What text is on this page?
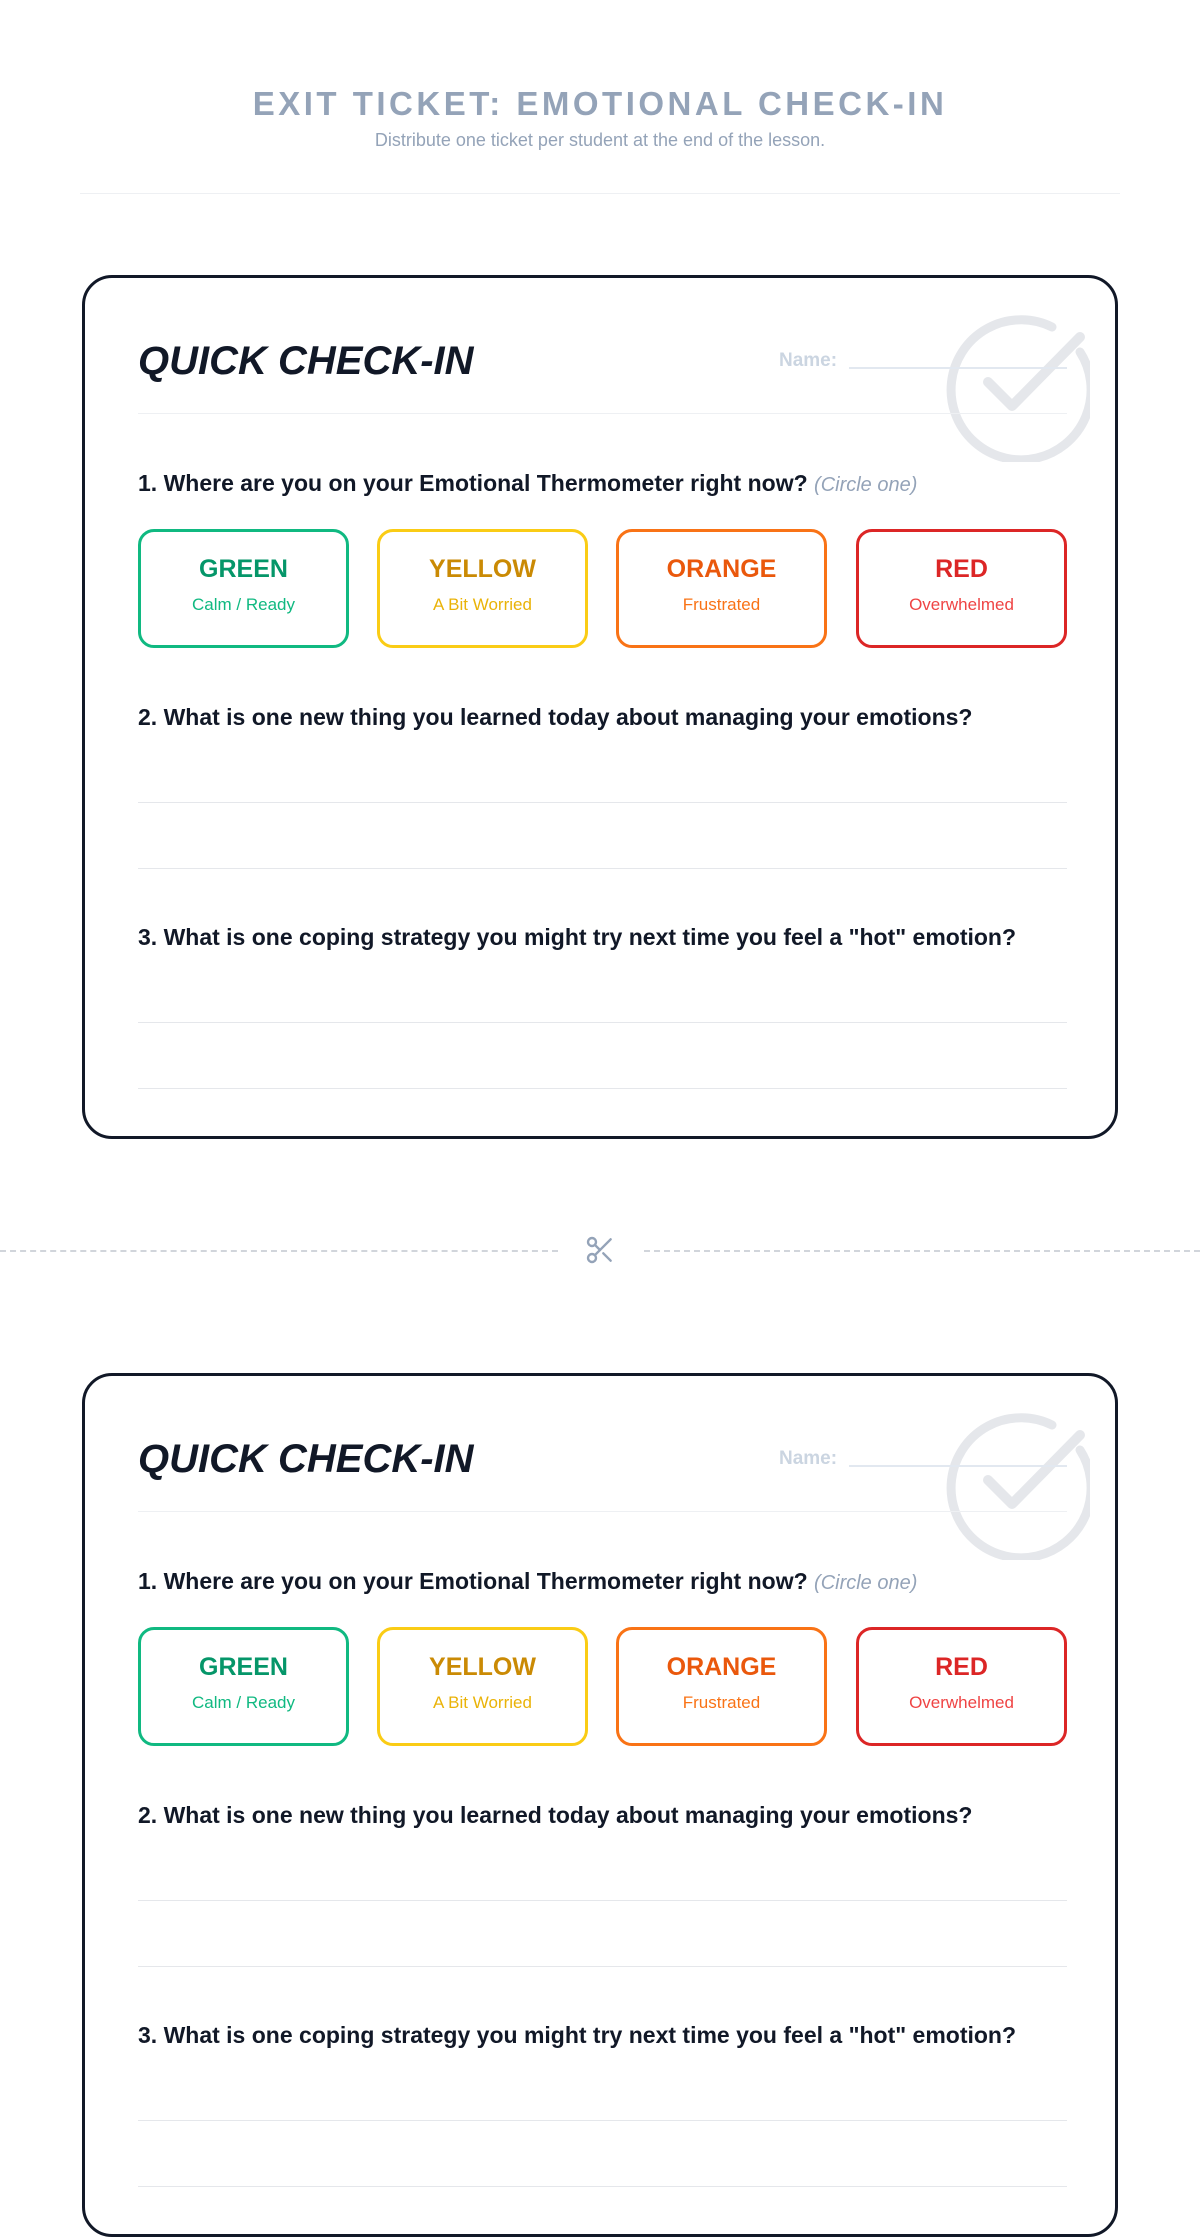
EXIT TICKET: EMOTIONAL CHECK-IN
Distribute one ticket per student at the end of the lesson.
QUICK CHECK-IN	Name:
1. Where are you on your Emotional Thermometer right now? (Circle one)
GREEN
Calm / Ready
YELLOW
A Bit Worried
ORANGE
Frustrated
RED
Overwhelmed
2. What is one new thing you learned today about managing your emotions?
3. What is one coping strategy you might try next time you feel a "hot" emotion?
QUICK CHECK-IN	Name:
1. Where are you on your Emotional Thermometer right now? (Circle one)
GREEN
Calm / Ready
YELLOW
A Bit Worried
ORANGE
Frustrated
RED
Overwhelmed
2. What is one new thing you learned today about managing your emotions?
3. What is one coping strategy you might try next time you feel a "hot" emotion?
